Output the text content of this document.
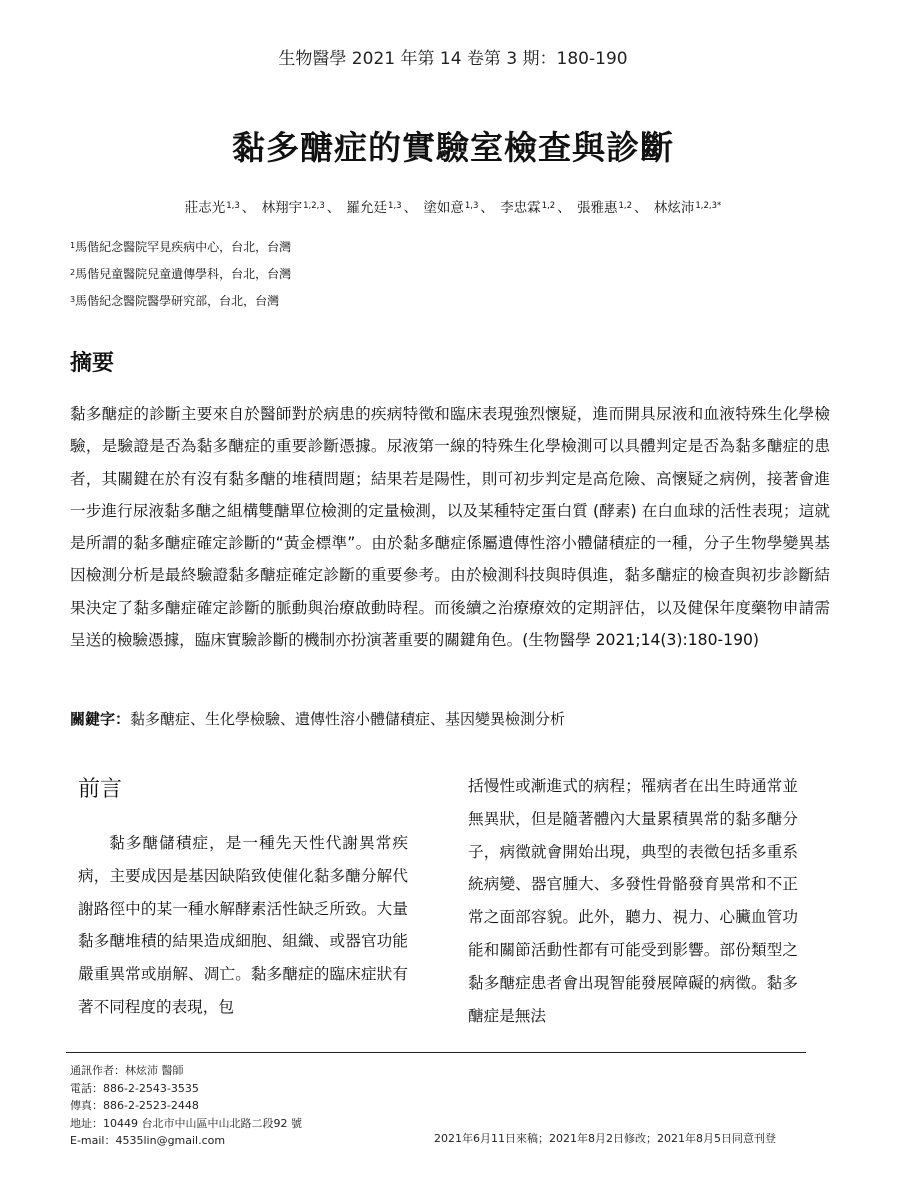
生物醫學 2021 年第 14 卷第 3 期：180-190
黏多醣症的實驗室檢查與診斷
莊志光$^{1,3}$ 、 林翔宇$^{1,2,3}$ 、 羅允廷$^{1,3}$ 、 塗如意$^{1,3}$ 、 李忠霖$^{1,2}$ 、 張雅惠$^{1,2}$ 、 林炫沛$^{1,2,3*}$
$^1$馬偕紀念醫院罕見疾病中心，台北，台灣
$^2$馬偕兒童醫院兒童遺傳學科，台北，台灣
$^3$馬偕紀念醫院醫學研究部，台北，台灣
摘要

黏多醣症的診斷主要來自於醫師對於病患的疾病特徵和臨床表現強烈懷疑，進而開具尿液和血液特殊生化學檢驗，是驗證是否為黏多醣症的重要診斷憑據。尿液第一線的特殊生化學檢測可以具體判定是否為黏多醣症的患者，其關鍵在於有沒有黏多醣的堆積問題；結果若是陽性，則可初步判定是高危險、高懷疑之病例，接著會進一步進行尿液黏多醣之組構雙醣單位檢測的定量檢測，以及某種特定蛋白質 (酵素) 在白血球的活性表現；這就是所謂的黏多醣症確定診斷的“黃金標準”。由於黏多醣症係屬遺傳性溶小體儲積症的一種，分子生物學變異基因檢測分析是最終驗證黏多醣症確定診斷的重要參考。由於檢測科技與時俱進，黏多醣症的檢查與初步診斷結果決定了黏多醣症確定診斷的脈動與治療啟動時程。而後續之治療療效的定期評估，以及健保年度藥物申請需呈送的檢驗憑據，臨床實驗診斷的機制亦扮演著重要的關鍵角色。(生物醫學 2021;14(3):180-190)

關鍵字：黏多醣症、生化學檢驗、遺傳性溶小體儲積症、基因變異檢測分析
前言

黏多醣儲積症，是一種先天性代謝異常疾病，主要成因是基因缺陷致使催化黏多醣分解代謝路徑中的某一種水解酵素活性缺乏所致。大量黏多醣堆積的結果造成細胞、組織、或器官功能嚴重異常或崩解、凋亡。黏多醣症的臨床症狀有著不同程度的表現，包

括慢性或漸進式的病程；罹病者在出生時通常並無異狀，但是隨著體內大量累積異常的黏多醣分子，病徵就會開始出現，典型的表徵包括多重系統病變、器官腫大、多發性骨骼發育異常和不正常之面部容貌。此外，聽力、視力、心臟血管功能和關節活動性都有可能受到影響。部份類型之黏多醣症患者會出現智能發展障礙的病徵。黏多醣症是無法

通訊作者：林炫沛 醫師
電話：886-2-2543-3535
傳真：886-2-2523-2448
地址：10449 台北市中山區中山北路二段92 號
E-mail：4535lin@gmail.com	2021年6月11日來稿；2021年8月2日修改；2021年8月5日同意刊登
